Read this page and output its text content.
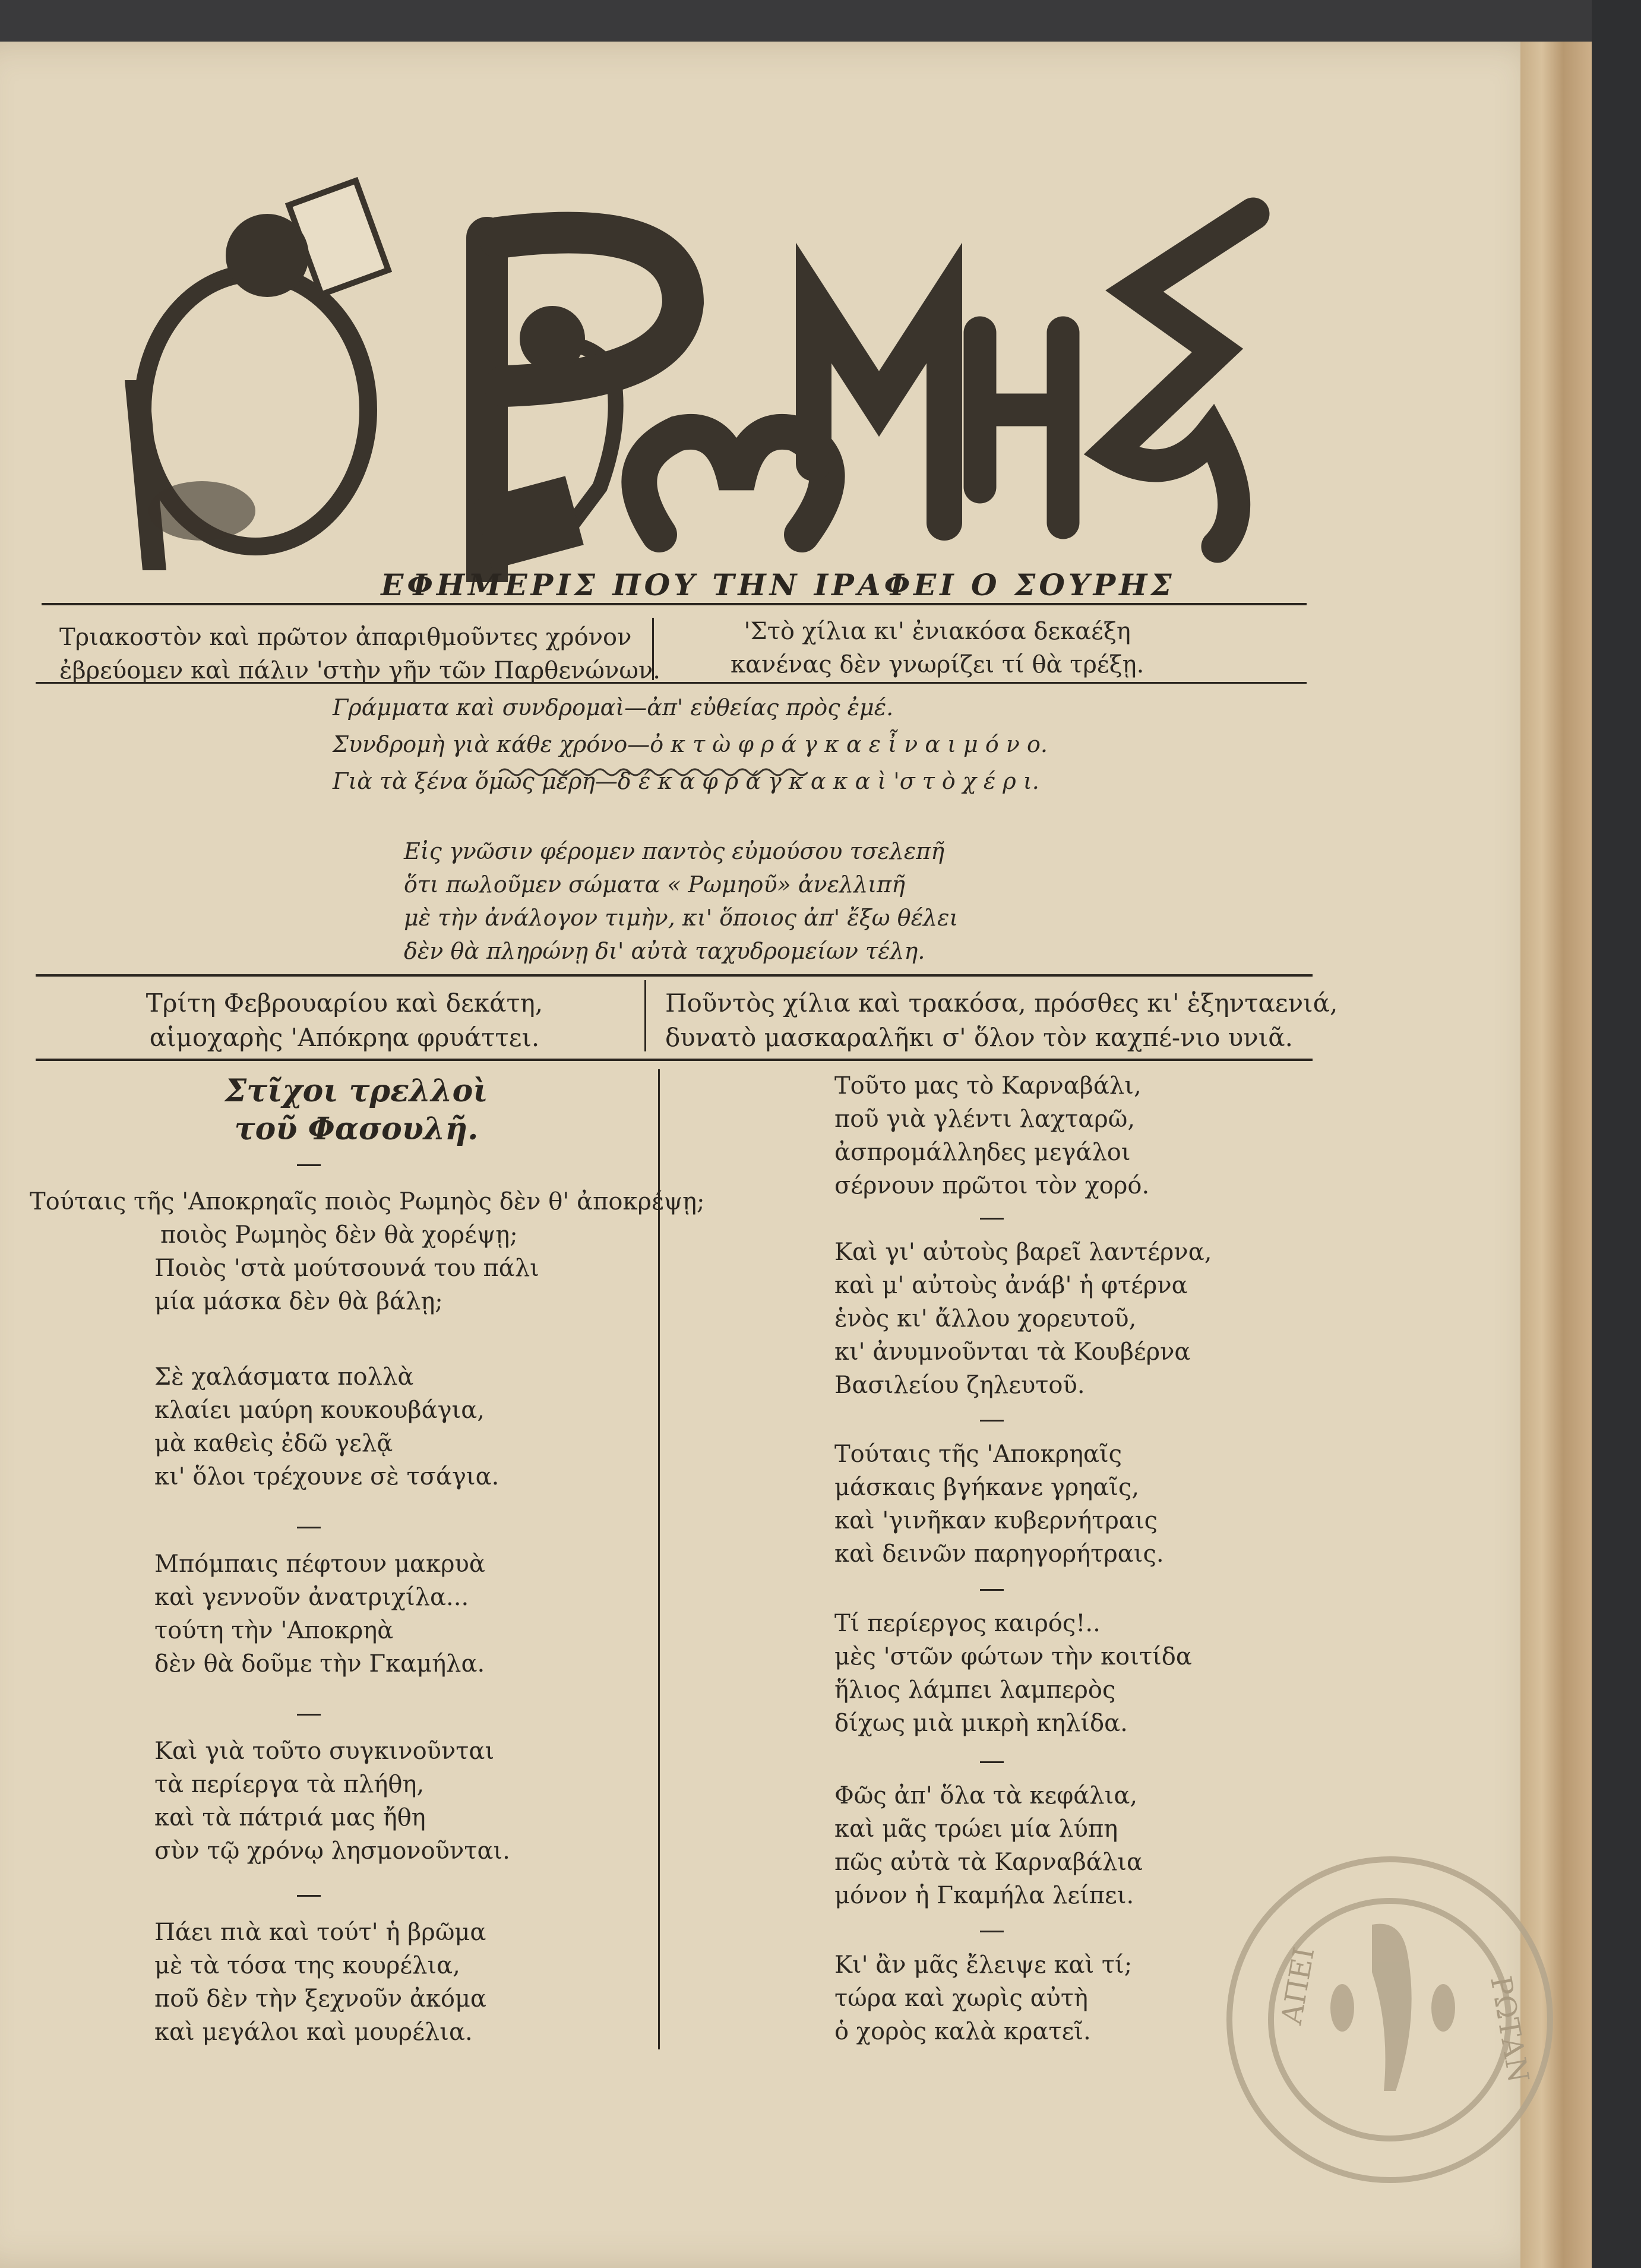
ΕΦΗΜΕΡΙΣ ΠΟΥ ΤΗΝ ΙΡΑΦΕΙ Ο ΣΟΥΡΗΣ
Τριακοστὸν καὶ πρῶτον ἀπαριθμοῦντες χρόνον
ἐβρεύομεν καὶ πάλιν 'στὴν γῆν τῶν Παρθενώνων.
'Στὸ χίλια κι' ἐνιακόσα δεκαέξη
κανένας δὲν γνωρίζει τί θὰ τρέξῃ.
Γράμματα καὶ συνδρομαὶ—ἀπ' εὐθείας πρὸς ἐμέ.
Συνδρομὴ γιὰ κάθε χρόνο—ὀ κ τ ὼ φ ρ ά γ κ α ε ἶ ν α ι μ ό ν ο.
Γιὰ τὰ ξένα ὅμως μέρη—δ έ κ α φ ρ ά γ κ α κ α ὶ 'σ τ ὸ χ έ ρ ι.
Εἰς γνῶσιν φέρομεν παντὸς εὐμούσου τσελεπῆ
ὅτι πωλοῦμεν σώματα « Ρωμηοῦ» ἀνελλιπῆ
μὲ τὴν ἀνάλογον τιμὴν, κι' ὅποιος ἀπ' ἔξω θέλει
δὲν θὰ πληρώνῃ δι' αὐτὰ ταχυδρομείων τέλη.
Τρίτη Φεβρουαρίου καὶ δεκάτη,
αἱμοχαρὴς 'Απόκρηα φρυάττει.
Ποῦντὸς χίλια καὶ τρακόσα, πρόσθες κι' ἑξηνταενιά,
δυνατὸ μασκαραλῆκι σ' ὅλον τὸν καχπέ-νιο υνιᾶ.
Στῖχοι τρελλοὶ
τοῦ Φασουλῆ.
Τούταις τῆς 'Αποκρηαῖς ποιὸς Ρωμηὸς δὲν θ' ἀποκρέψῃ;
ποιὸς Ρωμηὸς δὲν θὰ χορέψῃ;
Ποιὸς 'στὰ μούτσουνά του πάλι
μία μάσκα δὲν θὰ βάλῃ;
Σὲ χαλάσματα πολλὰ
κλαίει μαύρη κουκουβάγια,
μὰ καθεὶς ἐδῶ γελᾷ
κι' ὅλοι τρέχουνε σὲ τσάγια.
Μπόμπαις πέφτουν μακρυὰ
καὶ γεννοῦν ἀνατριχίλα...
τούτη τὴν 'Αποκρηὰ
δὲν θὰ δοῦμε τὴν Γκαμήλα.
Καὶ γιὰ τοῦτο συγκινοῦνται
τὰ περίεργα τὰ πλήθη,
καὶ τὰ πάτριά μας ἤθη
σὺν τῷ χρόνῳ λησμονοῦνται.
Πάει πιὰ καὶ τούτ' ἡ βρῶμα
μὲ τὰ τόσα της κουρέλια,
ποῦ δὲν τὴν ξεχνοῦν ἀκόμα
καὶ μεγάλοι καὶ μουρέλια.
Τοῦτο μας τὸ Καρναβάλι,
ποῦ γιὰ γλέντι λαχταρῶ,
ἀσπρομάλληδες μεγάλοι
σέρνουν πρῶτοι τὸν χορό.
Καὶ γι' αὐτοὺς βαρεῖ λαντέρνα,
καὶ μ' αὐτοὺς ἀνάβ' ἡ φτέρνα
ἑνὸς κι' ἄλλου χορευτοῦ,
κι' ἀνυμνοῦνται τὰ Κουβέρνα
Βασιλείου ζηλευτοῦ.
Τούταις τῆς 'Αποκρηαῖς
μάσκαις βγήκανε γρηαῖς,
καὶ 'γινῆκαν κυβερνήτραις
καὶ δεινῶν παρηγορήτραις.
Τί περίεργος καιρός!..
μὲς 'στῶν φώτων τὴν κοιτίδα
ἥλιος λάμπει λαμπερὸς
δίχως μιὰ μικρὴ κηλίδα.
Φῶς ἀπ' ὅλα τὰ κεφάλια,
καὶ μᾶς τρώει μία λύπη
πῶς αὐτὰ τὰ Καρναβάλια
μόνον ἡ Γκαμήλα λείπει.
Κι' ἂν μᾶς ἔλειψε καὶ τί;
τώρα καὶ χωρὶς αὐτὴ
ὁ χορὸς καλὰ κρατεῖ.
ΑΠΕΙ	ΡΩΤΑΝ
